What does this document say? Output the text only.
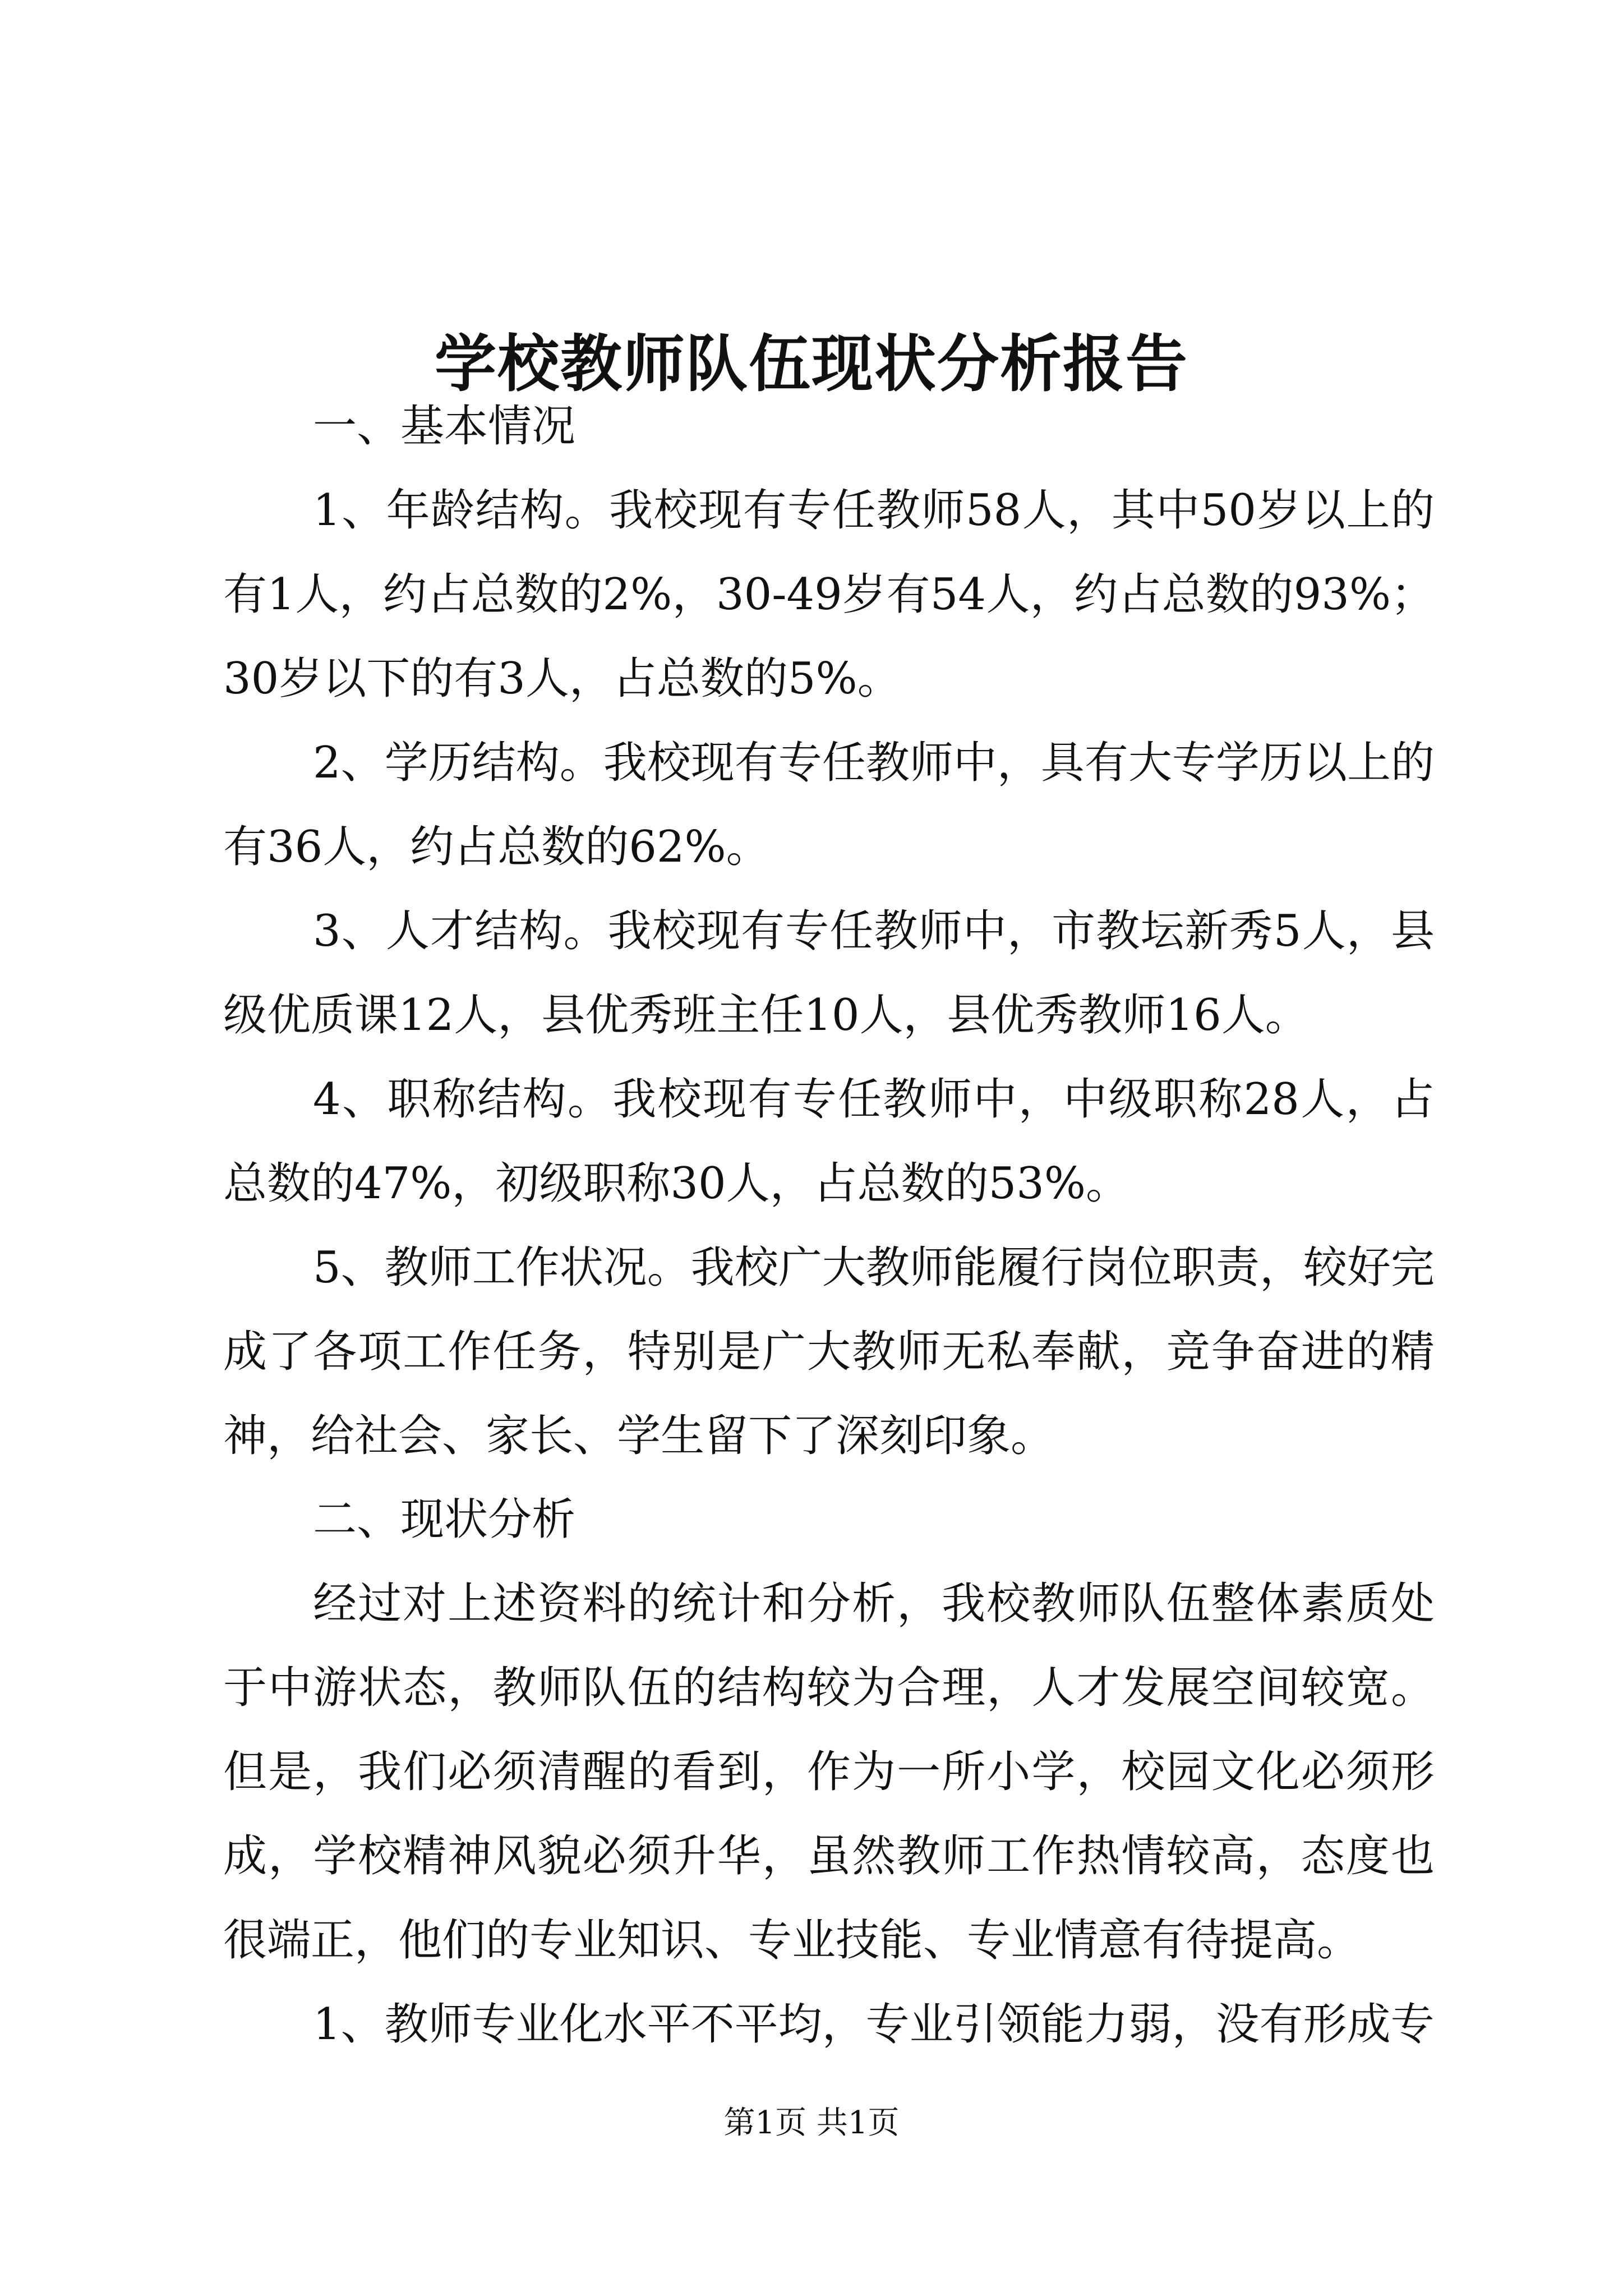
学校教师队伍现状分析报告

一、基本情况

1、年龄结构。我校现有专任教师58人，其中50岁以上的有1人，约占总数的2%，30-49岁有54人，约占总数的93%；30岁以下的有3人，占总数的5%。

2、学历结构。我校现有专任教师中，具有大专学历以上的有36人，约占总数的62%。

3、人才结构。我校现有专任教师中，市教坛新秀5人，县级优质课12人，县优秀班主任10人，县优秀教师16人。

4、职称结构。我校现有专任教师中，中级职称28人，占总数的47%，初级职称30人，占总数的53%。

5、教师工作状况。我校广大教师能履行岗位职责，较好完成了各项工作任务，特别是广大教师无私奉献，竞争奋进的精神，给社会、家长、学生留下了深刻印象。

二、现状分析

经过对上述资料的统计和分析，我校教师队伍整体素质处于中游状态，教师队伍的结构较为合理，人才发展空间较宽。但是，我们必须清醒的看到，作为一所小学，校园文化必须形成，学校精神风貌必须升华，虽然教师工作热情较高，态度也很端正，他们的专业知识、专业技能、专业情意有待提高。

1、教师专业化水平不平均，专业引领能力弱，没有形成专

第1页 共1页
